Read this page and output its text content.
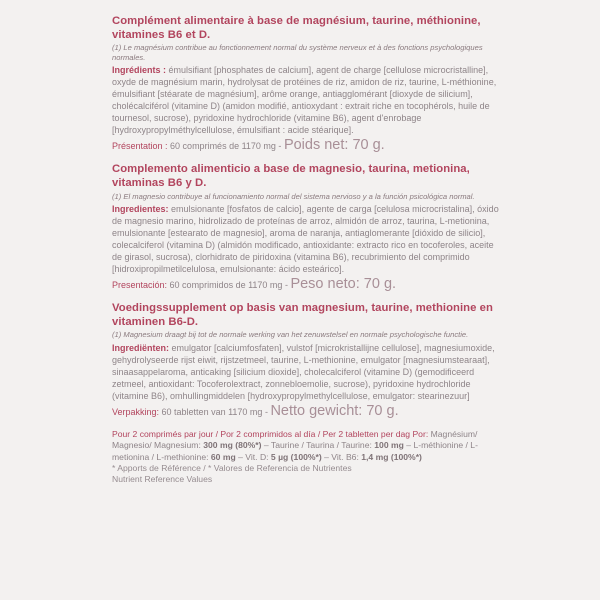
Complément alimentaire à base de magnésium, taurine, méthionine, vitamines B6 et D.
(1) Le magnésium contribue au fonctionnement normal du système nerveux et à des fonctions psychologiques normales.
Ingrédients : émulsifiant [phosphates de calcium], agent de charge [cellulose microcristalline], oxyde de magnésium marin, hydrolysat de protéines de riz, amidon de riz, taurine, L-méthionine, émulsifiant [stéarate de magnésium], arôme orange, antiagglomérant [dioxyde de silicium], cholécalciférol (vitamine D) (amidon modifié, antioxydant : extrait riche en tocophérols, huile de tournesol, sucrose), pyridoxine hydrochloride (vitamine B6), agent d'enrobage [hydroxypropylméthylcellulose, émulsifiant : acide stéarique].
Présentation : 60 comprimés de 1170 mg - Poids net: 70 g.
Complemento alimenticio a base de magnesio, taurina, metionina, vitaminas B6 y D.
(1) El magnesio contribuye al funcionamiento normal del sistema nervioso y a la función psicológica normal.
Ingredientes: emulsionante [fosfatos de calcio], agente de carga [celulosa microcristalina], óxido de magnesio marino, hidrolizado de proteínas de arroz, almidón de arroz, taurina, L-metionina, emulsionante [estearato de magnesio], aroma de naranja, antiaglomerante [dióxido de silicio], colecalciferol (vitamina D) (almidón modificado, antioxidante: extracto rico en tocoferoles, aceite de girasol, sucrosa), clorhidrato de piridoxina (vitamina B6), recubrimiento del comprimido [hidroxipropilmetilcelulosa, emulsionante: ácido esteárico].
Presentación: 60 comprimidos de 1170 mg - Peso neto: 70 g.
Voedingssupplement op basis van magnesium, taurine, methionine en vitaminen B6-D.
(1) Magnesium draagt bij tot de normale werking van het zenuwstelsel en normale psychologische functie.
Ingrediënten: emulgator [calciumfosfaten], vulstof [microkristallijne cellulose], magnesiumoxide, gehydrolyseerde rijst eiwit, rijstzetmeel, taurine, L-methionine, emulgator [magnesiumstearaat], sinaasappelaroma, anticaking [silicium dioxide], cholecalciferol (vitamine D) (gemodificeerd zetmeel, antioxidant: Tocoferolextract, zonnebloemolie, sucrose), pyridoxine hydrochloride (vitamine B6), omhullingmiddelen [hydroxypropylmethylcellulose, emulgator: stearinezuur]
Verpakking: 60 tabletten van 1170 mg - Netto gewicht: 70 g.
Pour 2 comprimés par jour / Por 2 comprimidos al día / Per 2 tabletten per dag Por: Magnésium/ Magnesio/ Magnesium: 300 mg (80%*) – Taurine / Taurina / Taurine: 100 mg – L-méthionine / L-metionina / L-methionine: 60 mg – Vit. D: 5 µg (100%*) – Vit. B6: 1,4 mg (100%*)
* Apports de Référence / * Valores de Referencia de Nutrientes
Nutrient Reference Values
